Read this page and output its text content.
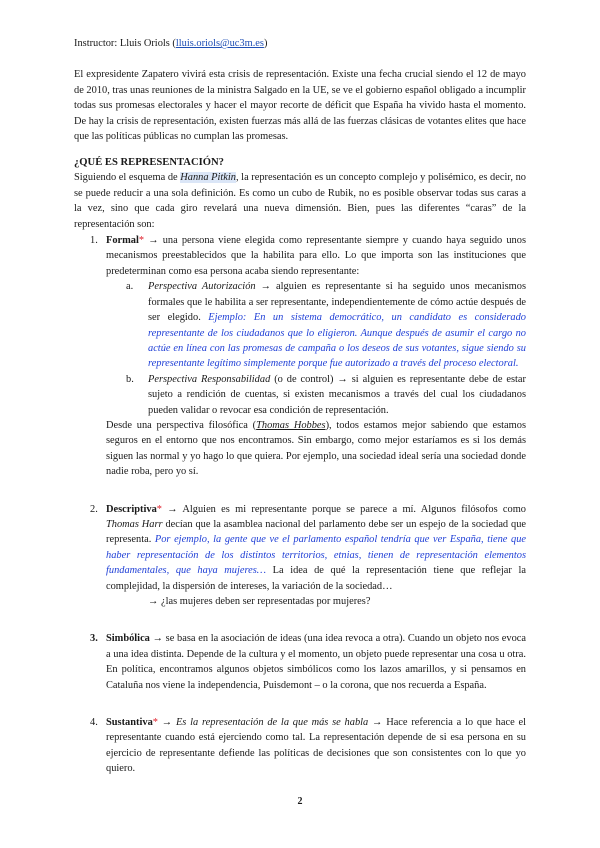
Instructor: Lluis Oriols (lluis.oriols@uc3m.es)

El expresidente Zapatero vivirá esta crisis de representación. Existe una fecha crucial siendo el 12 de mayo de 2010, tras unas reuniones de la ministra Salgado en la UE, se ve el gobierno español obligado a incumplir todas sus promesas electorales y hacer el mayor recorte de déficit que España ha vivido hasta el momento. De hay la crisis de representación, existen fuerzas más allá de las fuerzas clásicas de votantes elites que hace que las políticas públicas no cumplan las promesas.

¿QUÉ ES REPRESENTACIÓN?

Siguiendo el esquema de Hanna Pitkin, la representación es un concepto complejo y polisémico, es decir, no se puede reducir a una sola definición. Es como un cubo de Rubik, no es posible observar todas sus caras a la vez, sino que cada giro revelará una nueva dimensión. Bien, pues las diferentes “caras” de la representación son:

1. Formal* → una persona viene elegida como representante siempre y cuando haya seguido unos mecanismos preestablecidos que la habilita para ello. Lo que importa son las instituciones que predeterminan como esa persona acaba siendo representante:
a. Perspectiva Autorización → alguien es representante si ha seguido unos mecanismos formales que le habilita a ser representante, independientemente de cómo actúe después de ser elegido. Ejemplo: En un sistema democrático, un candidato es considerado representante de los ciudadanos que lo eligieron. Aunque después de asumir el cargo no actúe en línea con las promesas de campaña o los deseos de sus votantes, sigue siendo su representante legítimo simplemente porque fue autorizado a través del proceso electoral.
b. Perspectiva Responsabilidad (o de control) → si alguien es representante debe de estar sujeto a rendición de cuentas, si existen mecanismos a través del cual los ciudadanos pueden validar o revocar esa condición de representación.

Desde una perspectiva filosófica (Thomas Hobbes), todos estamos mejor sabiendo que estamos seguros en el entorno que nos encontramos. Sin embargo, como mejor estaríamos es si los demás siguen las normal y yo hago lo que quiera. Por ejemplo, una sociedad ideal sería una sociedad donde nadie roba, pero yo sí.

2. Descriptiva* → Alguien es mi representante porque se parece a mí. Algunos filósofos como Thomas Harr decían que la asamblea nacional del parlamento debe ser un espejo de la sociedad que representa. Por ejemplo, la gente que ve el parlamento español tendría que ver España, tiene que haber representación de los distintos territorios, etnias, tienen de representación elementos fundamentales, que haya mujeres… La idea de qué la representación tiene que reflejar la complejidad, la dispersión de intereses, la variación de la sociedad…

→ ¿las mujeres deben ser representadas por mujeres?

3. Simbólica → se basa en la asociación de ideas (una idea revoca a otra). Cuando un objeto nos evoca a una idea distinta. Depende de la cultura y el momento, un objeto puede representar una cosa u otra. En política, encontramos algunos objetos simbólicos como los lazos amarillos, y si pensamos en Cataluña nos viene la independencia, Puisdemont – o la corona, que nos recuerda a España.
4. Sustantiva* → Es la representación de la que más se habla → Hace referencia a lo que hace el representante cuando está ejerciendo como tal. La representación depende de si esa persona en su ejercicio de representante defiende las políticas de decisiones que son consistentes con lo que yo quiero.
2
